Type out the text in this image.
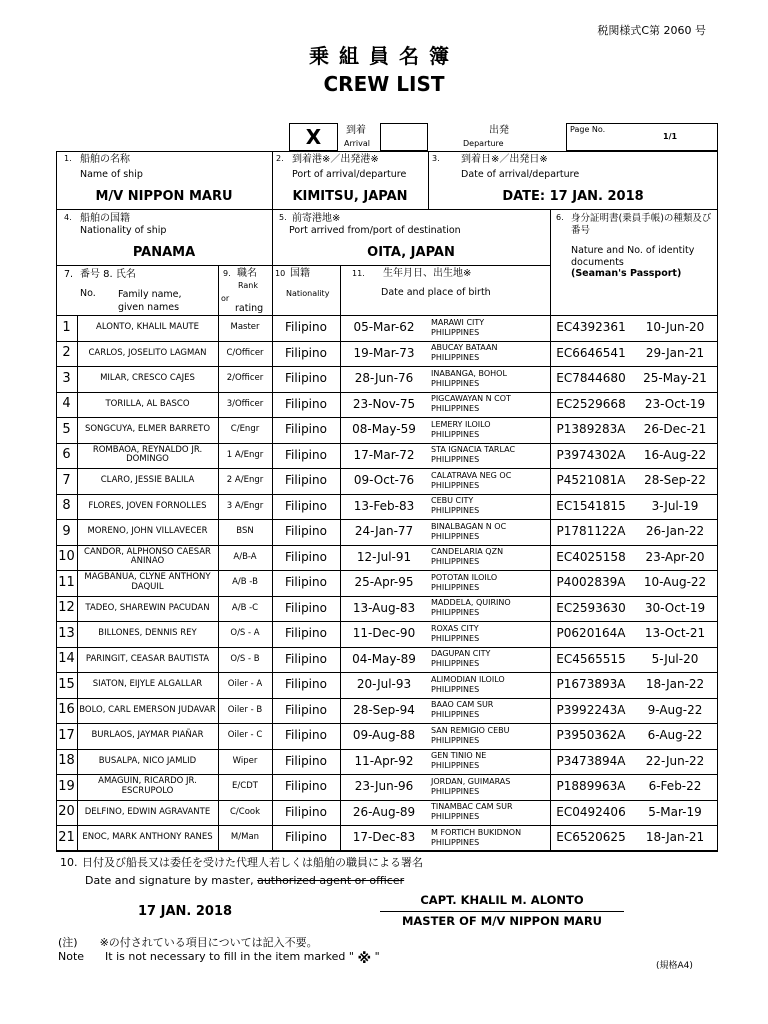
税関様式C第 2060 号
乗組員名簿
CREW LIST
X 到着
Arrival
出発
Departure
Page No.
1/1
1. 船舶の名称
Name of ship
M/V NIPPON MARU
2. 到着港※／出発港※
Port of arrival/departure
KIMITSU, JAPAN
3. 到着日※／出発日※
Date of arrival/departure
DATE: 17 JAN. 2018
4. 船舶の国籍
Nationality of ship
PANAMA
5. 前寄港地※
Port arrived from/port of destination
OITA, JAPAN
6. 身分証明書(乗員手帳)の種類及び番号
Nature and No. of identity documents
(Seaman's Passport)
7. 番号 8. 氏名
No. Family name, given names
9. 職名
Rank
or
rating
10 国籍
Nationality
11. 生年月日、出生地※
Date and place of birth
1	ALONTO, KHALIL MAUTE	Master	Filipino	05-Mar-62	EC4392361	10-Jun-20
MARAWI CITY
PHILIPPINES
2	CARLOS, JOSELITO LAGMAN	C/Officer	Filipino	19-Mar-73	EC6646541	29-Jan-21
ABUCAY BATAAN
PHILIPPINES
3	MILAR, CRESCO CAJES	2/Officer	Filipino	28-Jun-76	EC7844680	25-May-21
INABANGA, BOHOL
PHILIPPINES
4	TORILLA, AL BASCO	3/Officer	Filipino	23-Nov-75	EC2529668	23-Oct-19
PIGCAWAYAN N COT
PHILIPPINES
5	SONGCUYA, ELMER BARRETO	C/Engr	Filipino	08-May-59	P1389283A	26-Dec-21
LEMERY ILOILO
PHILIPPINES
6	ROMBAOA, REYNALDO JR. DOMINGO	1 A/Engr	Filipino	17-Mar-72	P3974302A	16-Aug-22
STA IGNACIA TARLAC
PHILIPPINES
7	CLARO, JESSIE BALILA	2 A/Engr	Filipino	09-Oct-76	P4521081A	28-Sep-22
CALATRAVA NEG OC
PHILIPPINES
8	FLORES, JOVEN FORNOLLES	3 A/Engr	Filipino	13-Feb-83	EC1541815	3-Jul-19
CEBU CITY
PHILIPPINES
9	MORENO, JOHN VILLAVECER	BSN	Filipino	24-Jan-77	P1781122A	26-Jan-22
BINALBAGAN N OC
PHILIPPINES
10	CANDOR, ALPHONSO CAESAR ANINAO	A/B-A	Filipino	12-Jul-91	EC4025158	23-Apr-20
CANDELARIA QZN
PHILIPPINES
11	MAGBANUA, CLYNE ANTHONY DAQUIL	A/B -B	Filipino	25-Apr-95	P4002839A	10-Aug-22
POTOTAN ILOILO
PHILIPPINES
12	TADEO, SHAREWIN PACUDAN	A/B -C	Filipino	13-Aug-83	EC2593630	30-Oct-19
MADDELA, QUIRINO
PHILIPPINES
13	BILLONES, DENNIS REY	O/S - A	Filipino	11-Dec-90	P0620164A	13-Oct-21
ROXAS CITY
PHILIPPINES
14	PARINGIT, CEASAR BAUTISTA	O/S - B	Filipino	04-May-89	EC4565515	5-Jul-20
DAGUPAN CITY
PHILIPPINES
15	SIATON, EIJYLE ALGALLAR	Oiler - A	Filipino	20-Jul-93	P1673893A	18-Jan-22
ALIMODIAN ILOILO
PHILIPPINES
16 BOLO, CARL EMERSON JUDAVAR	Oiler - B	Filipino	28-Sep-94	P3992243A	9-Aug-22
BAAO CAM SUR
PHILIPPINES
17	BURLAOS, JAYMAR PIAÑAR	Oiler - C	Filipino	09-Aug-88	P3950362A	6-Aug-22
SAN REMIGIO CEBU
PHILIPPINES
18	BUSALPA, NICO JAMLID	Wiper	Filipino	11-Apr-92	P3473894A	22-Jun-22
GEN TINIO NE
PHILIPPINES
19	AMAGUIN, RICARDO JR. ESCRUPOLO	E/CDT	Filipino	23-Jun-96	P1889963A	6-Feb-22
JORDAN, GUIMARAS
PHILIPPINES
20	DELFINO, EDWIN AGRAVANTE	C/Cook	Filipino	26-Aug-89	EC0492406	5-Mar-19
TINAMBAC CAM SUR
PHILIPPINES
21 ENOC, MARK ANTHONY RANES	M/Man	Filipino	17-Dec-83	EC6520625	18-Jan-21
M FORTICH BUKIDNON
PHILIPPINES
10. 日付及び船長又は委任を受けた代理人若しくは船舶の職員による署名
Date and signature by master, authorized agent or officer
17 JAN. 2018
CAPT. KHALIL M. ALONTO
MASTER OF M/V NIPPON MARU
(注)　　※の付されている項目については記入不要。
Note It is not necessary to fill in the item marked " ※ "
(規格A4)
